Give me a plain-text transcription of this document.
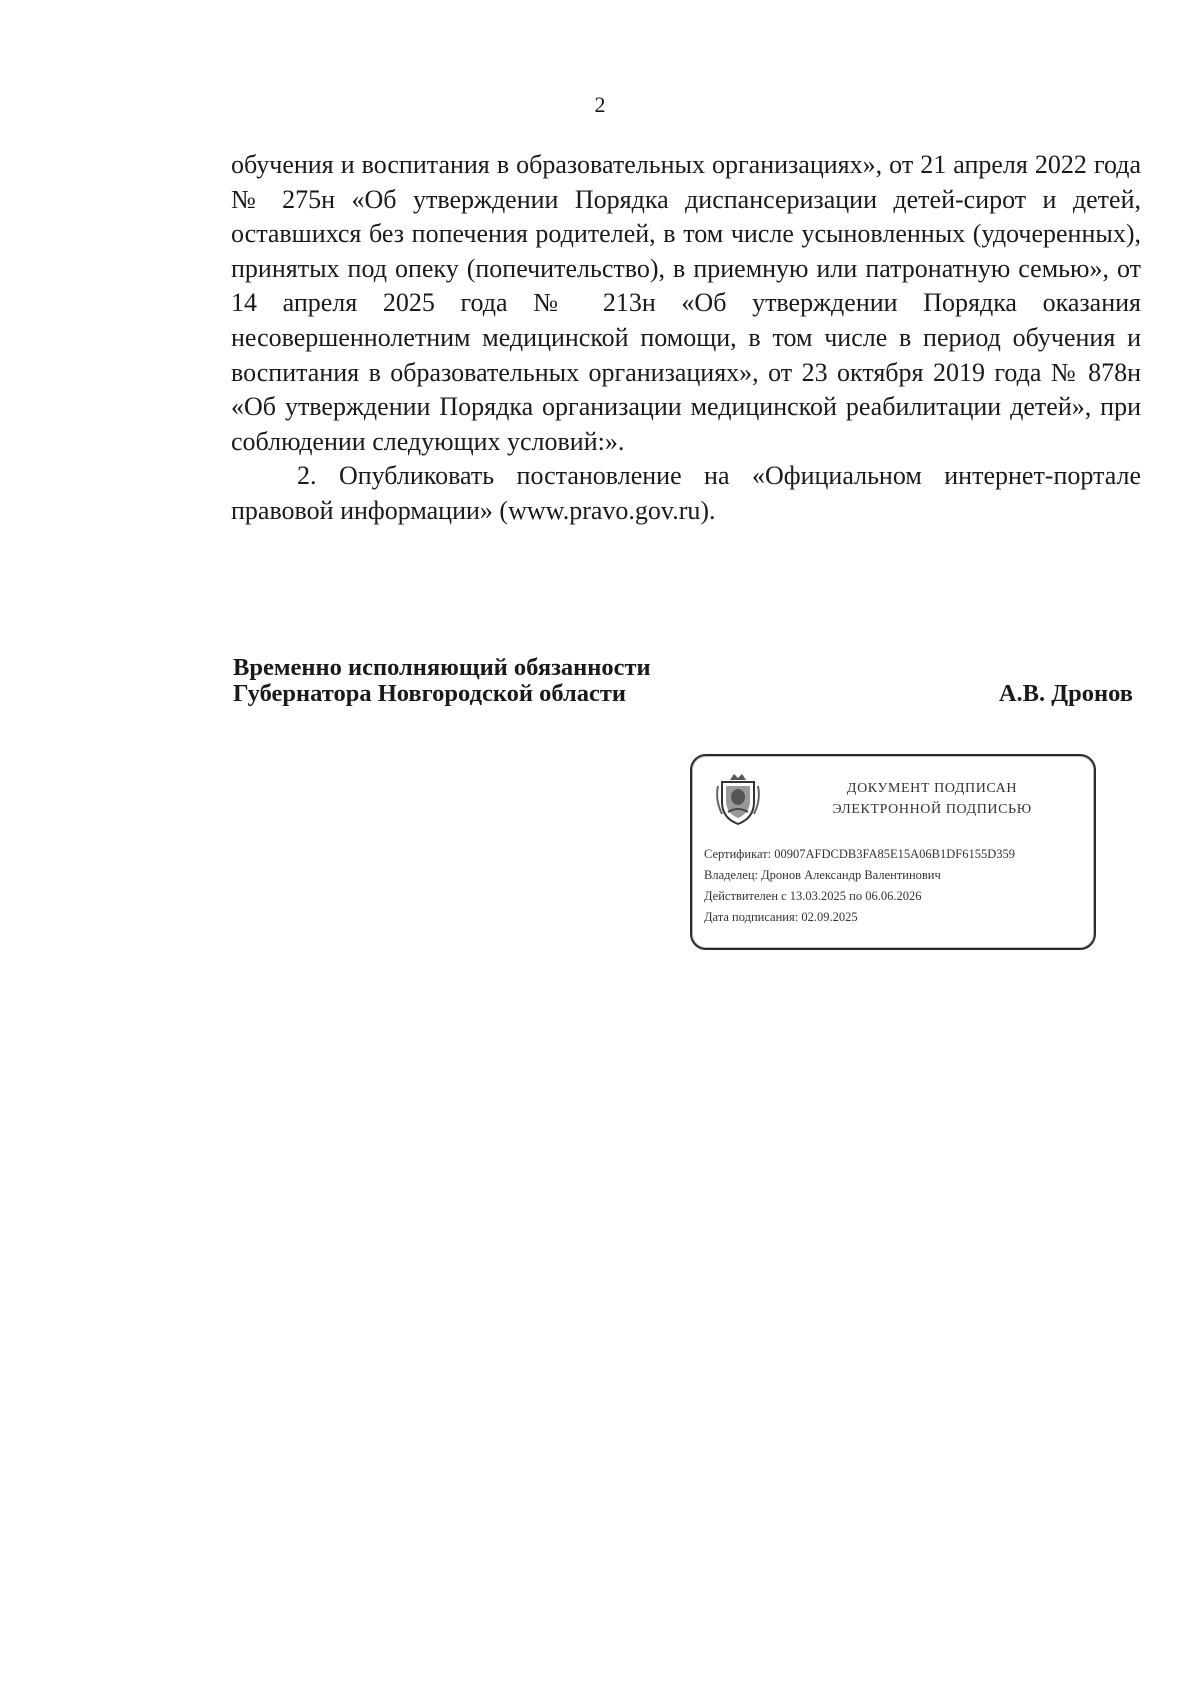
2

обучения и воспитания в образовательных организациях», от 21 апреля 2022 года № 275н «Об утверждении Порядка диспансеризации детей-сирот и детей, оставшихся без попечения родителей, в том числе усыновленных (удочеренных), принятых под опеку (попечительство), в приемную или патронатную семью», от 14 апреля 2025 года № 213н «Об утверждении Порядка оказания несовершеннолетним медицинской помощи, в том числе в период обучения и воспитания в образовательных организациях», от 23 октября 2019 года № 878н «Об утверждении Порядка организации медицинской реабилитации детей», при соблюдении следующих условий:».

2. Опубликовать постановление на «Официальном интернет-портале правовой информации» (www.pravo.gov.ru).

Временно исполняющий обязанности
Губернатора Новгородской области	А.В. Дронов
ДОКУМЕНТ ПОДПИСАН
ЭЛЕКТРОННОЙ ПОДПИСЬЮ
Сертификат: 00907AFDCDB3FA85E15A06B1DF6155D359
Владелец: Дронов Александр Валентинович
Действителен с 13.03.2025 по 06.06.2026
Дата подписания: 02.09.2025
